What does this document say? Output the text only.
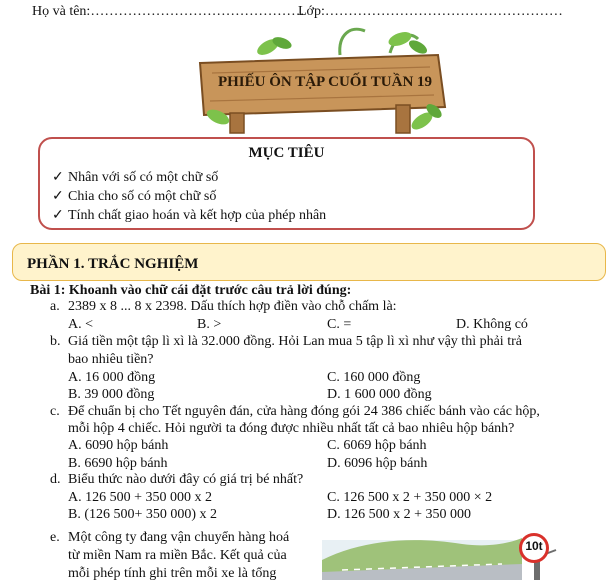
Họ và tên:……………………………………….
Lớp:……………………………………………
PHIẾU ÔN TẬP CUỐI TUẦN 19
MỤC TIÊU
✓ Nhân với số có một chữ số
✓ Chia cho số có một chữ số
✓ Tính chất giao hoán và kết hợp của phép nhân
PHẦN 1. TRẮC NGHIỆM
Bài 1: Khoanh vào chữ cái đặt trước câu trả lời đúng:
a. 2389 x 8 ... 8 x 2398. Dấu thích hợp điền vào chỗ chấm là:
A. <	B. >	C. =	D. Không có
b. Giá tiền một tập lì xì là 32.000 đồng. Hỏi Lan mua 5 tập lì xì như vậy thì phải trả
bao nhiêu tiền?
A. 16 000 đồng	C. 160 000 đồng
B. 39 000 đồng	D. 1 600 000 đồng
c. Để chuẩn bị cho Tết nguyên đán, cửa hàng đóng gói 24 386 chiếc bánh vào các hộp,
mỗi hộp 4 chiếc. Hỏi người ta đóng được nhiều nhất tất cả bao nhiêu hộp bánh?
A. 6090 hộp bánh	C. 6069 hộp bánh
B. 6690 hộp bánh	D. 6096 hộp bánh
d. Biểu thức nào dưới đây có giá trị bé nhất?
A. 126 500 + 350 000 x 2	C. 126 500 x 2 + 350 000 × 2
B. (126 500+ 350 000) x 2	D. 126 500 x 2 + 350 000
e. Một công ty đang vận chuyển hàng hoá
từ miền Nam ra miền Bắc. Kết quả của
mỗi phép tính ghi trên mỗi xe là tổng
10t
